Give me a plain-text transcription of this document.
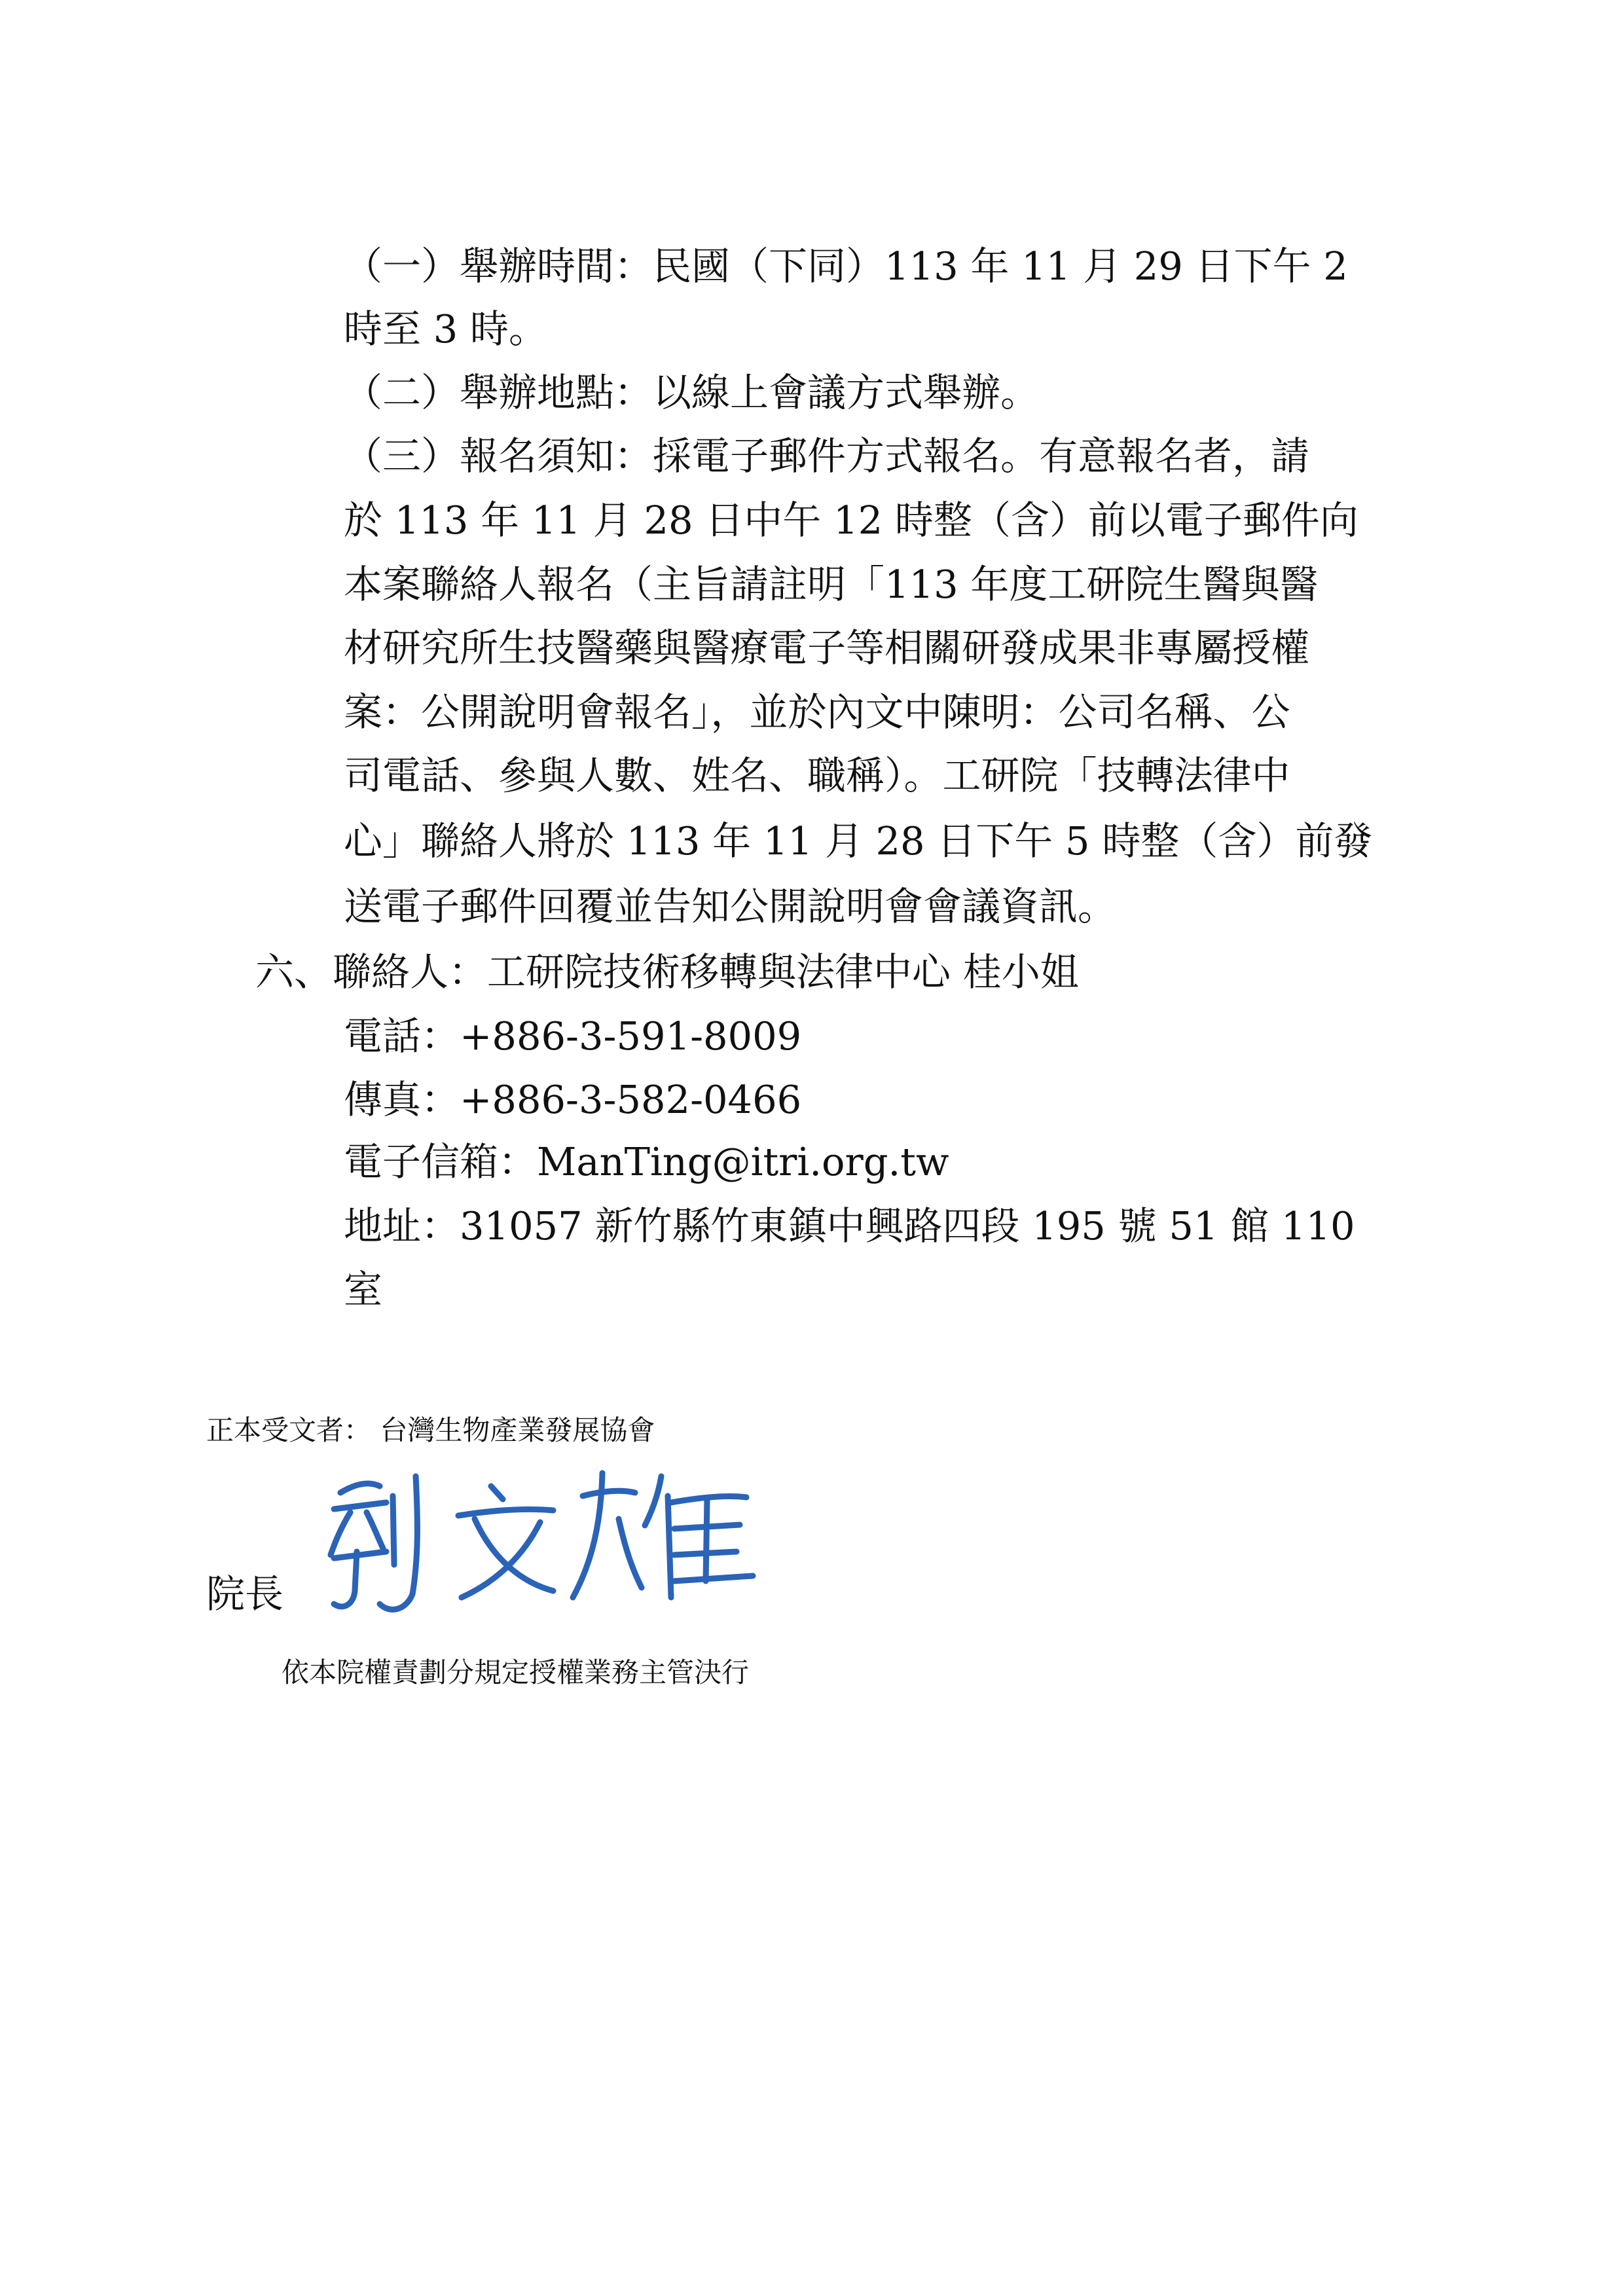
（一）舉辦時間：民國（下同）113 年 11 月 29 日下午 2

時至 3 時。

（二）舉辦地點：以線上會議方式舉辦。

（三）報名須知：採電子郵件方式報名。有意報名者，請

於 113 年 11 月 28 日中午 12 時整（含）前以電子郵件向

本案聯絡人報名（主旨請註明「113 年度工研院生醫與醫

材研究所生技醫藥與醫療電子等相關研發成果非專屬授權

案：公開說明會報名」，並於內文中陳明：公司名稱、公

司電話、參與人數、姓名、職稱）。工研院「技轉法律中

心」聯絡人將於 113 年 11 月 28 日下午 5 時整（含）前發

送電子郵件回覆並告知公開說明會會議資訊。

六、聯絡人：工研院技術移轉與法律中心 桂小姐

電話：+886-3-591-8009

傳真：+886-3-582-0466

電子信箱：ManTing@itri.org.tw

地址：31057 新竹縣竹東鎮中興路四段 195 號 51 館 110

室

正本受文者： 台灣生物產業發展協會

院長

依本院權責劃分規定授權業務主管決行
